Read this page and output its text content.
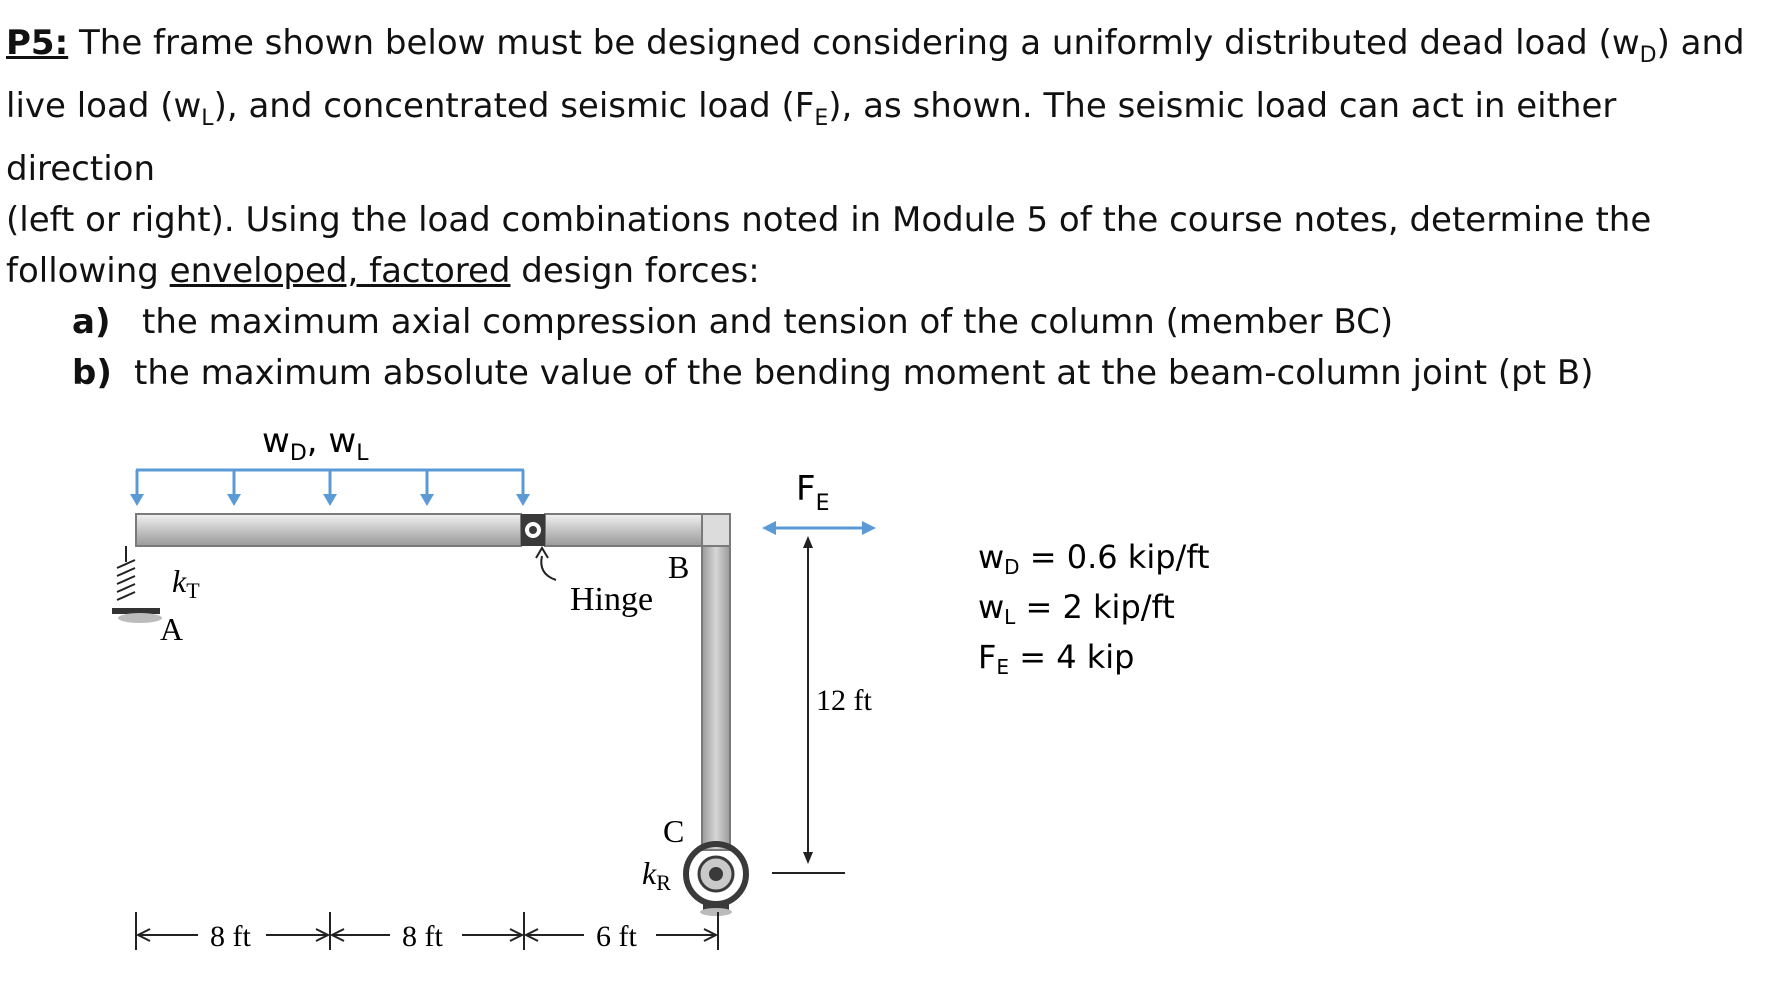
P5: The frame shown below must be designed considering a uniformly distributed dead load $(w_D)$ and

live load $(w_L)$, and concentrated seismic load $(F_E)$, as shown. The seismic load can act in either direction

(left or right). Using the load combinations noted in Module 5 of the course notes, determine the

following enveloped, factored design forces:

a) the maximum axial compression and tension of the column (member BC)

b) the maximum absolute value of the bending moment at the beam-column joint (pt B)

$w_D$, $w_L$
kT
A
Hinge
B
$F_E$
12 ft
C
kR
8 ft	8 ft	6 ft
wD = 0.6 kip/ft
wL = 2 kip/ft
FE = 4 kip
